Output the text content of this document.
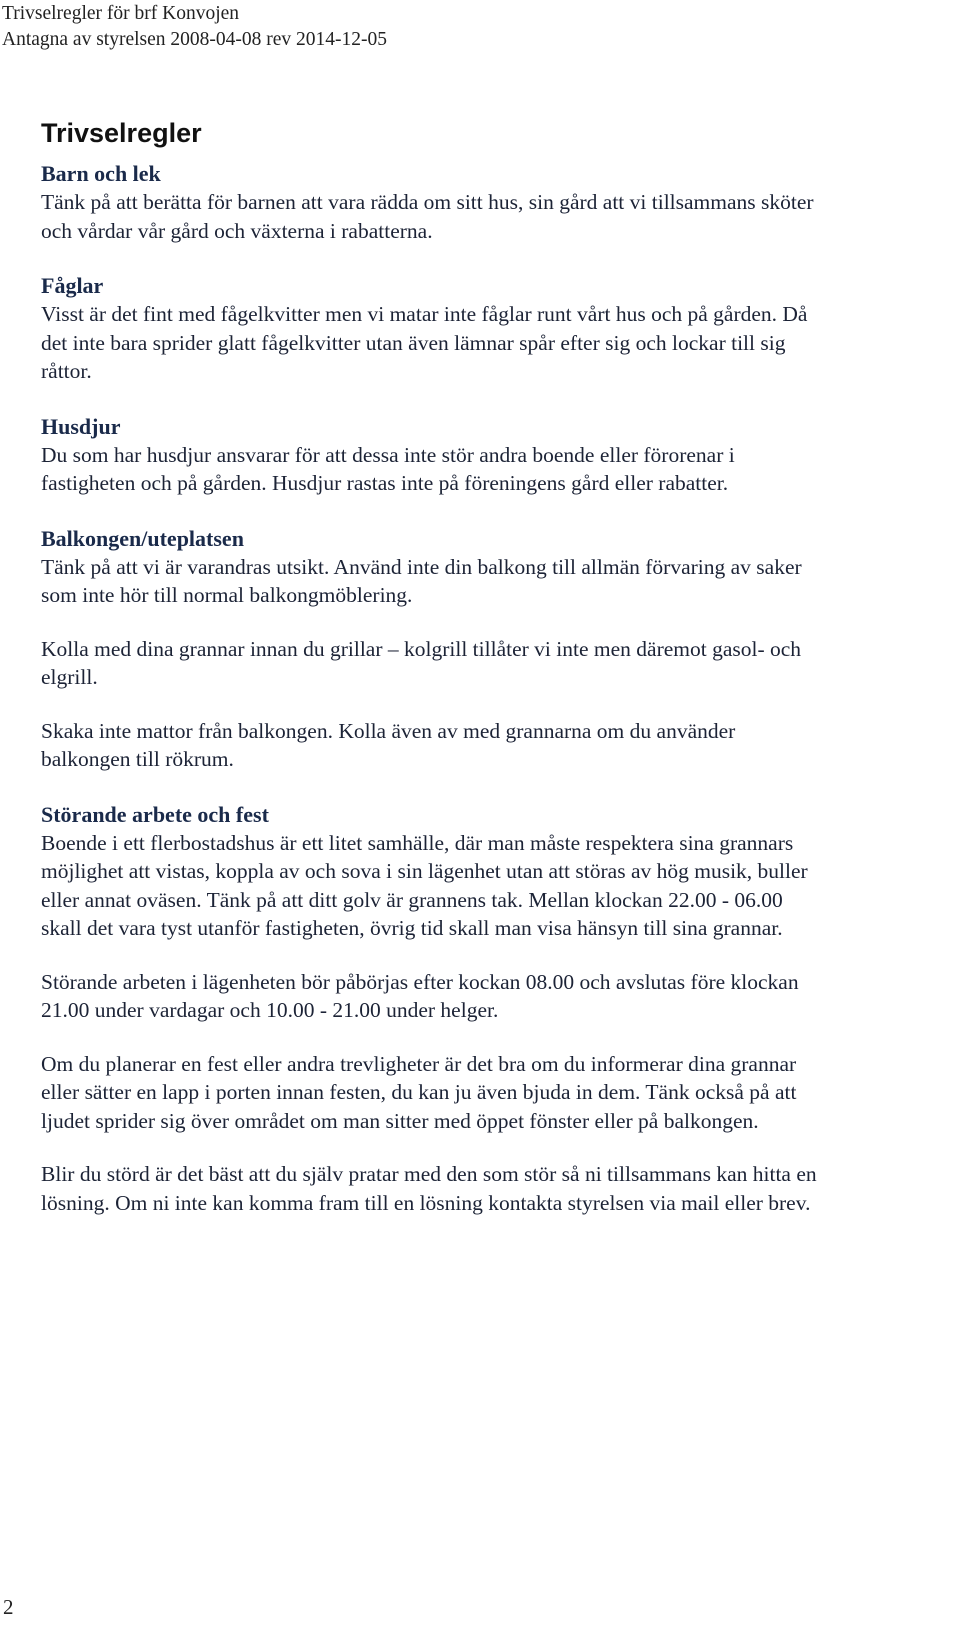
Trivselregler för brf Konvojen
Antagna av styrelsen 2008-04-08 rev 2014-12-05
Trivselregler
Barn och lek

Tänk på att berätta för barnen att vara rädda om sitt hus, sin gård att vi tillsammans sköter
och vårdar vår gård och växterna i rabatterna.

Fåglar

Visst är det fint med fågelkvitter men vi matar inte fåglar runt vårt hus och på gården. Då
det inte bara sprider glatt fågelkvitter utan även lämnar spår efter sig och lockar till sig
råttor.

Husdjur

Du som har husdjur ansvarar för att dessa inte stör andra boende eller förorenar i
fastigheten och på gården. Husdjur rastas inte på föreningens gård eller rabatter.

Balkongen/uteplatsen

Tänk på att vi är varandras utsikt. Använd inte din balkong till allmän förvaring av saker
som inte hör till normal balkongmöblering.

Kolla med dina grannar innan du grillar – kolgrill tillåter vi inte men däremot gasol- och
elgrill.

Skaka inte mattor från balkongen. Kolla även av med grannarna om du använder
balkongen till rökrum.

Störande arbete och fest

Boende i ett flerbostadshus är ett litet samhälle, där man måste respektera sina grannars
möjlighet att vistas, koppla av och sova i sin lägenhet utan att störas av hög musik, buller
eller annat oväsen. Tänk på att ditt golv är grannens tak. Mellan klockan 22.00 - 06.00
skall det vara tyst utanför fastigheten, övrig tid skall man visa hänsyn till sina grannar.

Störande arbeten i lägenheten bör påbörjas efter kockan 08.00 och avslutas före klockan
21.00 under vardagar och 10.00 - 21.00 under helger.

Om du planerar en fest eller andra trevligheter är det bra om du informerar dina grannar
eller sätter en lapp i porten innan festen, du kan ju även bjuda in dem. Tänk också på att
ljudet sprider sig över området om man sitter med öppet fönster eller på balkongen.

Blir du störd är det bäst att du själv pratar med den som stör så ni tillsammans kan hitta en
lösning. Om ni inte kan komma fram till en lösning kontakta styrelsen via mail eller brev.

2
